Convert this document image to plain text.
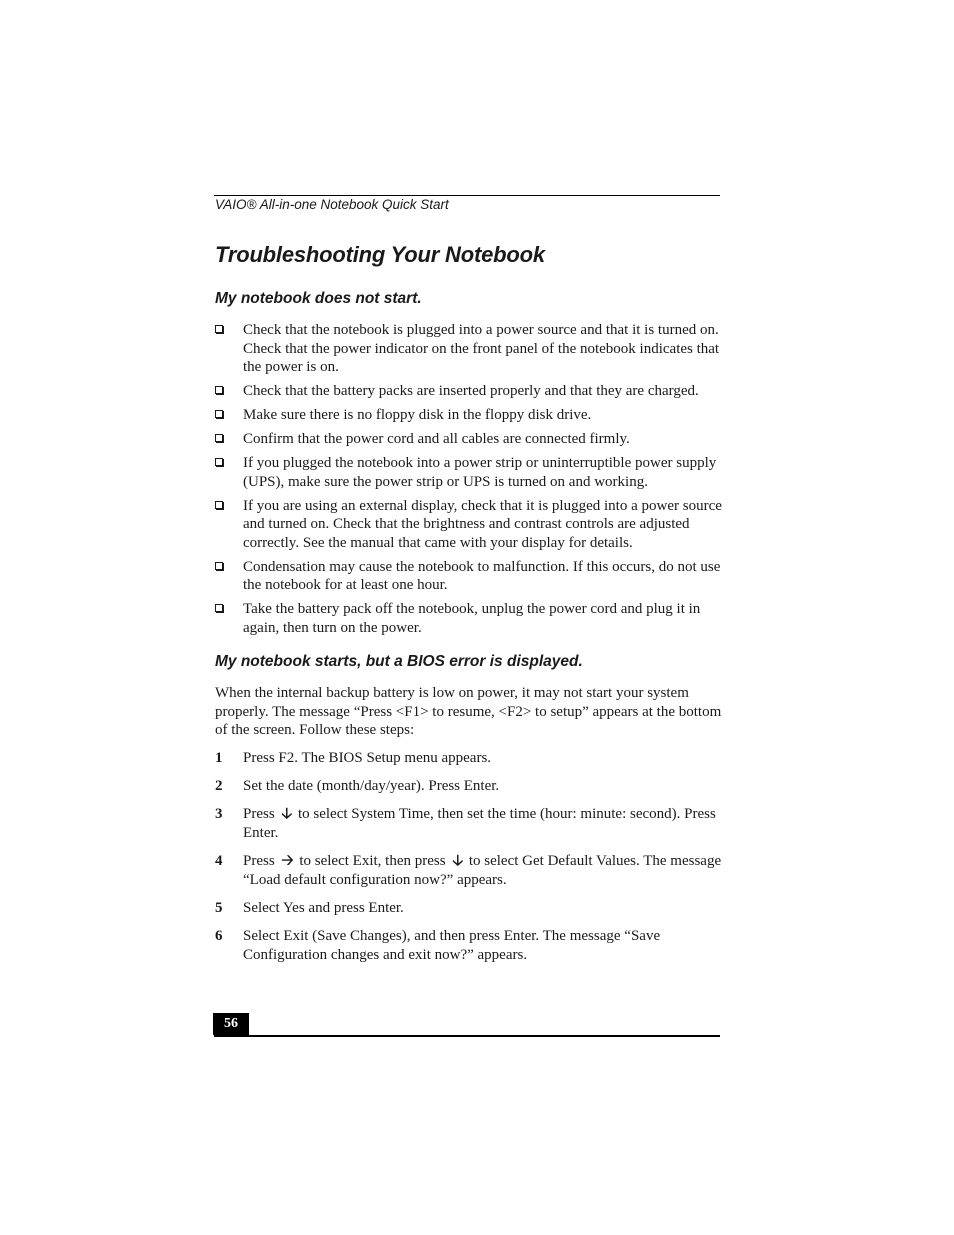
VAIO® All-in-one Notebook Quick Start
Troubleshooting Your Notebook
My notebook does not start.
Check that the notebook is plugged into a power source and that it is turned on. Check that the power indicator on the front panel of the notebook indicates that the power is on.
Check that the battery packs are inserted properly and that they are charged.
Make sure there is no floppy disk in the floppy disk drive.
Confirm that the power cord and all cables are connected firmly.
If you plugged the notebook into a power strip or uninterruptible power supply (UPS), make sure the power strip or UPS is turned on and working.
If you are using an external display, check that it is plugged into a power source and turned on. Check that the brightness and contrast controls are adjusted correctly. See the manual that came with your display for details.
Condensation may cause the notebook to malfunction. If this occurs, do not use the notebook for at least one hour.
Take the battery pack off the notebook, unplug the power cord and plug it in again, then turn on the power.
My notebook starts, but a BIOS error is displayed.

When the internal backup battery is low on power, it may not start your system properly. The message “Press <F1> to resume, <F2> to setup” appears at the bottom of the screen. Follow these steps:

1 Press F2. The BIOS Setup menu appears.
2 Set the date (month/day/year). Press Enter.
3 Press 🡣 to select System Time, then set the time (hour: minute: second). Press Enter.
4 Press 🡢 to select Exit, then press 🡣 to select Get Default Values. The message “Load default configuration now?” appears.
5 Select Yes and press Enter.
6 Select Exit (Save Changes), and then press Enter. The message “Save Configuration changes and exit now?” appears.
56
